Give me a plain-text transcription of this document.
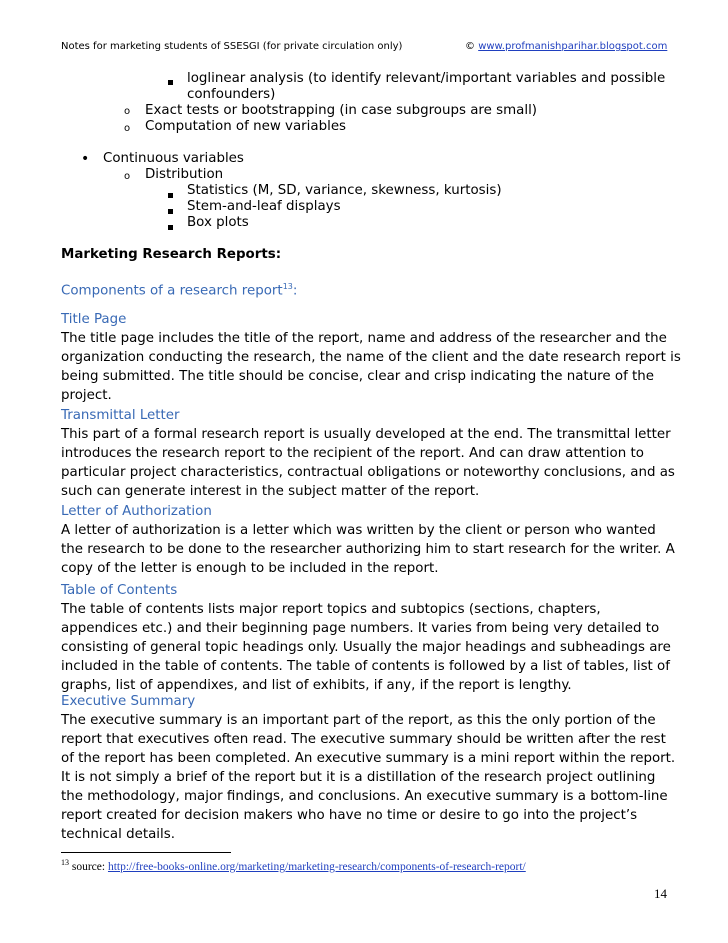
Notes for marketing students of SSESGI (for private circulation only)	© www.profmanishparihar.blogspot.com
loglinear analysis (to identify relevant/important variables and possible
confounders)
o Exact tests or bootstrapping (in case subgroups are small)
o Computation of new variables
• Continuous variables
o Distribution
Statistics (M, SD, variance, skewness, kurtosis)
Stem-and-leaf displays
Box plots
Marketing Research Reports:
Components of a research report$^{13}$:
Title Page
The title page includes the title of the report, name and address of the researcher and the
organization conducting the research, the name of the client and the date research report is
being submitted. The title should be concise, clear and crisp indicating the nature of the
project.
Transmittal Letter
This part of a formal research report is usually developed at the end. The transmittal letter
introduces the research report to the recipient of the report. And can draw attention to
particular project characteristics, contractual obligations or noteworthy conclusions, and as
such can generate interest in the subject matter of the report.
Letter of Authorization
A letter of authorization is a letter which was written by the client or person who wanted
the research to be done to the researcher authorizing him to start research for the writer. A
copy of the letter is enough to be included in the report.
Table of Contents
The table of contents lists major report topics and subtopics (sections, chapters,
appendices etc.) and their beginning page numbers. It varies from being very detailed to
consisting of general topic headings only. Usually the major headings and subheadings are
included in the table of contents. The table of contents is followed by a list of tables, list of
graphs, list of appendixes, and list of exhibits, if any, if the report is lengthy.
Executive Summary
The executive summary is an important part of the report, as this the only portion of the
report that executives often read. The executive summary should be written after the rest
of the report has been completed. An executive summary is a mini report within the report.
It is not simply a brief of the report but it is a distillation of the research project outlining
the methodology, major findings, and conclusions. An executive summary is a bottom-line
report created for decision makers who have no time or desire to go into the project’s
technical details.
$^{13}$ source: http://free-books-online.org/marketing/marketing-research/components-of-research-report/
14
